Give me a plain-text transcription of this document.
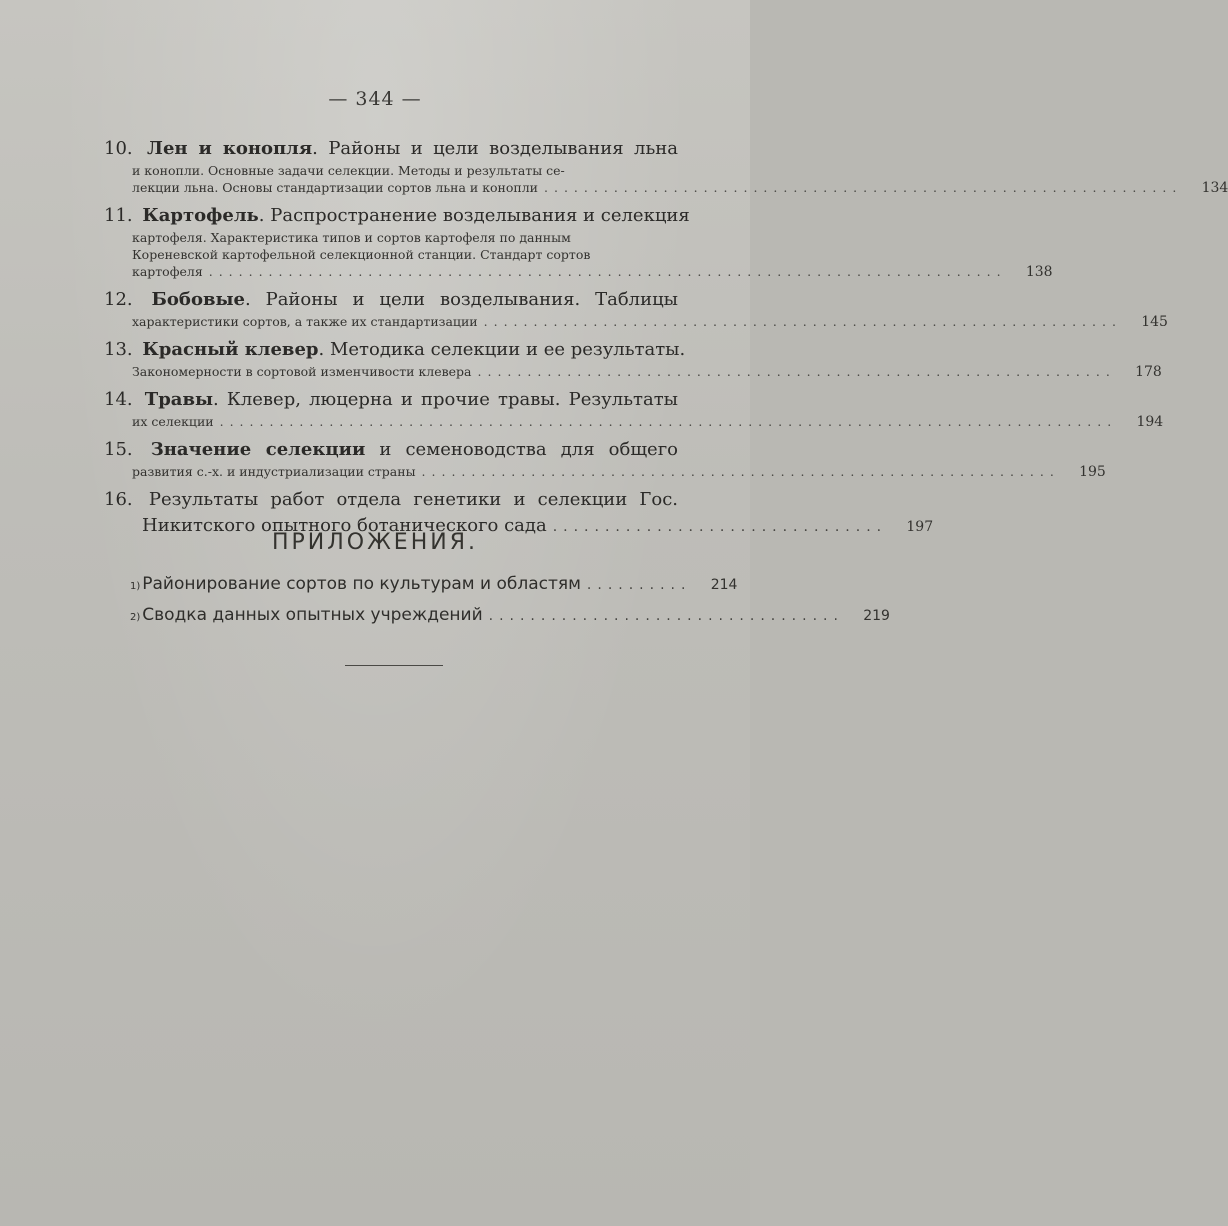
— 344 —
10. Лен и конопля. Районы и цели возделывания льна
и конопли. Основные задачи селекции. Методы и результаты се-
лекции льна. Основы стандартизации сортов льна и конопли ................................................................	134
11. Картофель. Распространение возделывания и селекция
картофеля. Характеристика типов и сортов картофеля по данным
Кореневской картофельной селекционной станции. Стандарт сортов
картофеля ................................................................................	138
12. Бобовые. Районы и цели возделывания. Таблицы
характеристики сортов, а также их стандартизации ................................................................	145
13. Красный клевер. Методика селекции и ее результаты.
Закономерности в сортовой изменчивости клевера ................................................................	178
14. Травы. Клевер, люцерна и прочие травы. Результаты
их селекции ..........................................................................................	194
15. Значение селекции и семеноводства для общего
развития с.-х. и индустриализации страны ................................................................	195
16. Результаты работ отдела генетики и селекции Гос.
Никитского опытного ботанического сада ................................	197
ПРИЛОЖЕНИЯ.
1) Районирование сортов по культурам и областям ..........	214
2) Сводка данных опытных учреждений ..................................	219
